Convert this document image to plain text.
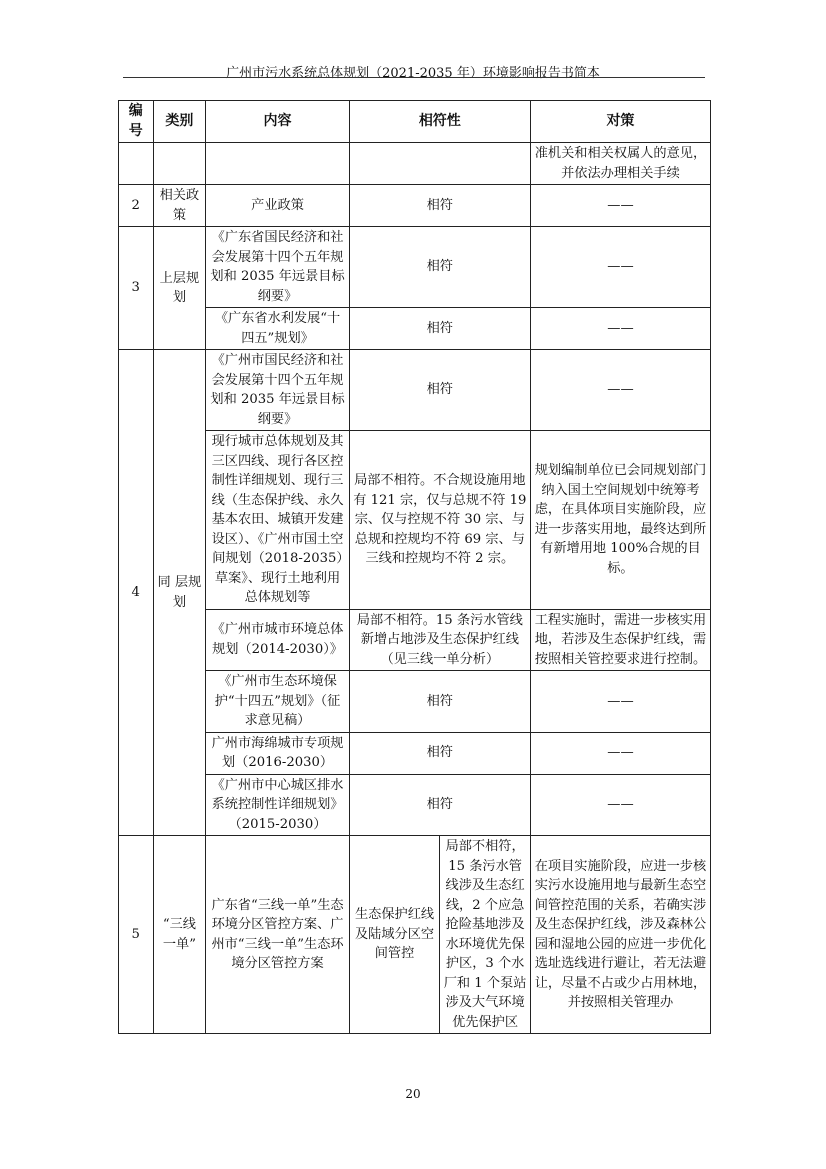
广州市污水系统总体规划（2021-2035 年）环境影响报告书简本
编号	类别	内容	相符性		对策
					准机关和相关权属人的意见，并依法办理相关手续
2	相关政策	产业政策	相符		——
3	上层规划	《广东省国民经济和社会发展第十四个五年规划和 2035 年远景目标纲要》	相符		——
		《广东省水利发展“十四五”规划》	相符		——
4	同 层规划	《广州市国民经济和社会发展第十四个五年规划和 2035 年远景目标纲要》	相符		——
		现行城市总体规划及其三区四线、现行各区控制性详细规划、现行三线（生态保护线、永久基本农田、城镇开发建设区）、《广州市国土空间规划（2018-2035）草案》、现行土地利用总体规划等	局部不相符。不合规设施用地有 121 宗，仅与总规不符 19 宗、仅与控规不符 30 宗、与总规和控规均不符 69 宗、与三线和控规均不符 2 宗。		规划编制单位已会同规划部门纳入国土空间规划中统筹考虑，在具体项目实施阶段，应进一步落实用地，最终达到所有新增用地 100%合规的目标。
		《广州市城市环境总体规划（2014-2030）》	局部不相符。15 条污水管线新增占地涉及生态保护红线（见三线一单分析）		工程实施时，需进一步核实用地，若涉及生态保护红线，需按照相关管控要求进行控制。
		《广州市生态环境保护“十四五”规划》（征求意见稿）	相符		——
		广州市海绵城市专项规划（2016-2030）	相符		——
		《广州市中心城区排水系统控制性详细规划》（2015-2030）	相符		——
5	“三线一单”	广东省“三线一单”生态环境分区管控方案、广州市“三线一单”生态环境分区管控方案	生态保护红线及陆域分区空间管控	局部不相符，15 条污水管线涉及生态红线，2 个应急抢险基地涉及水环境优先保护区，3 个水厂和 1 个泵站涉及大气环境优先保护区	在项目实施阶段，应进一步核实污水设施用地与最新生态空间管控范围的关系，若确实涉及生态保护红线，涉及森林公园和湿地公园的应进一步优化选址选线进行避让，若无法避让，尽量不占或少占用林地，并按照相关管理办
20
